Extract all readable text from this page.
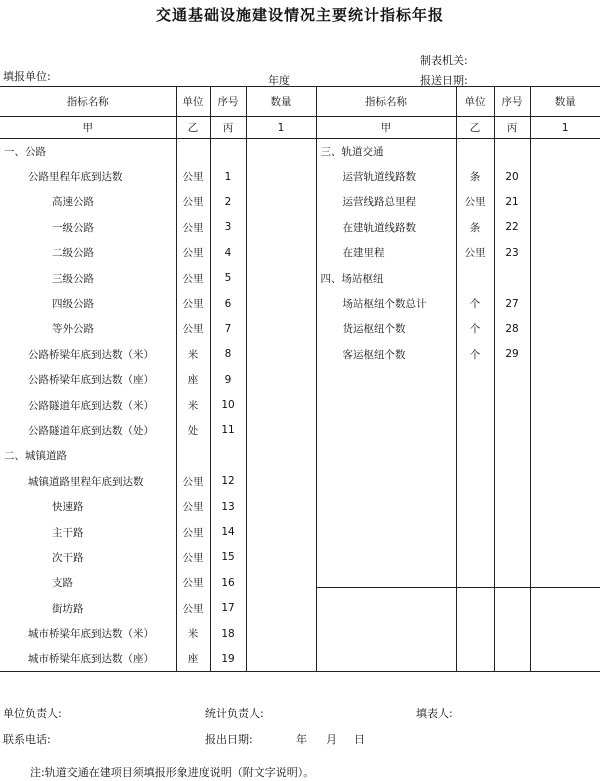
交通基础设施建设情况主要统计指标年报
制表机关:
填报单位:	年度	报送日期:
指标名称	单位	序号	数量	指标名称	单位	序号	数量
甲	乙	丙	1	甲	乙	丙	1
一、公路				三、轨道交通			
公路里程年底到达数	公里	1		运营轨道线路数	条	20	
高速公路	公里	2		运营线路总里程	公里	21	
一级公路	公里	3		在建轨道线路数	条	22	
二级公路	公里	4		在建里程	公里	23	
三级公路	公里	5		四、场站枢纽			
四级公路	公里	6		场站枢纽个数总计	个	27	
等外公路	公里	7		货运枢纽个数	个	28	
公路桥梁年底到达数（米）	米	8		客运枢纽个数	个	29	
公路桥梁年底到达数（座）	座	9					
公路隧道年底到达数（米）	米	10					
公路隧道年底到达数（处）	处	11					
二、城镇道路							
城镇道路里程年底到达数	公里	12					
快速路	公里	13					
主干路	公里	14					
次干路	公里	15					
支路	公里	16					
街坊路	公里	17					
城市桥梁年底到达数（米）	米	18					
城市桥梁年底到达数（座）	座	19					
单位负责人:	统计负责人:	填表人:
联系电话:	报出日期:	年 月 日
注:轨道交通在建项目须填报形象进度说明（附文字说明）。
